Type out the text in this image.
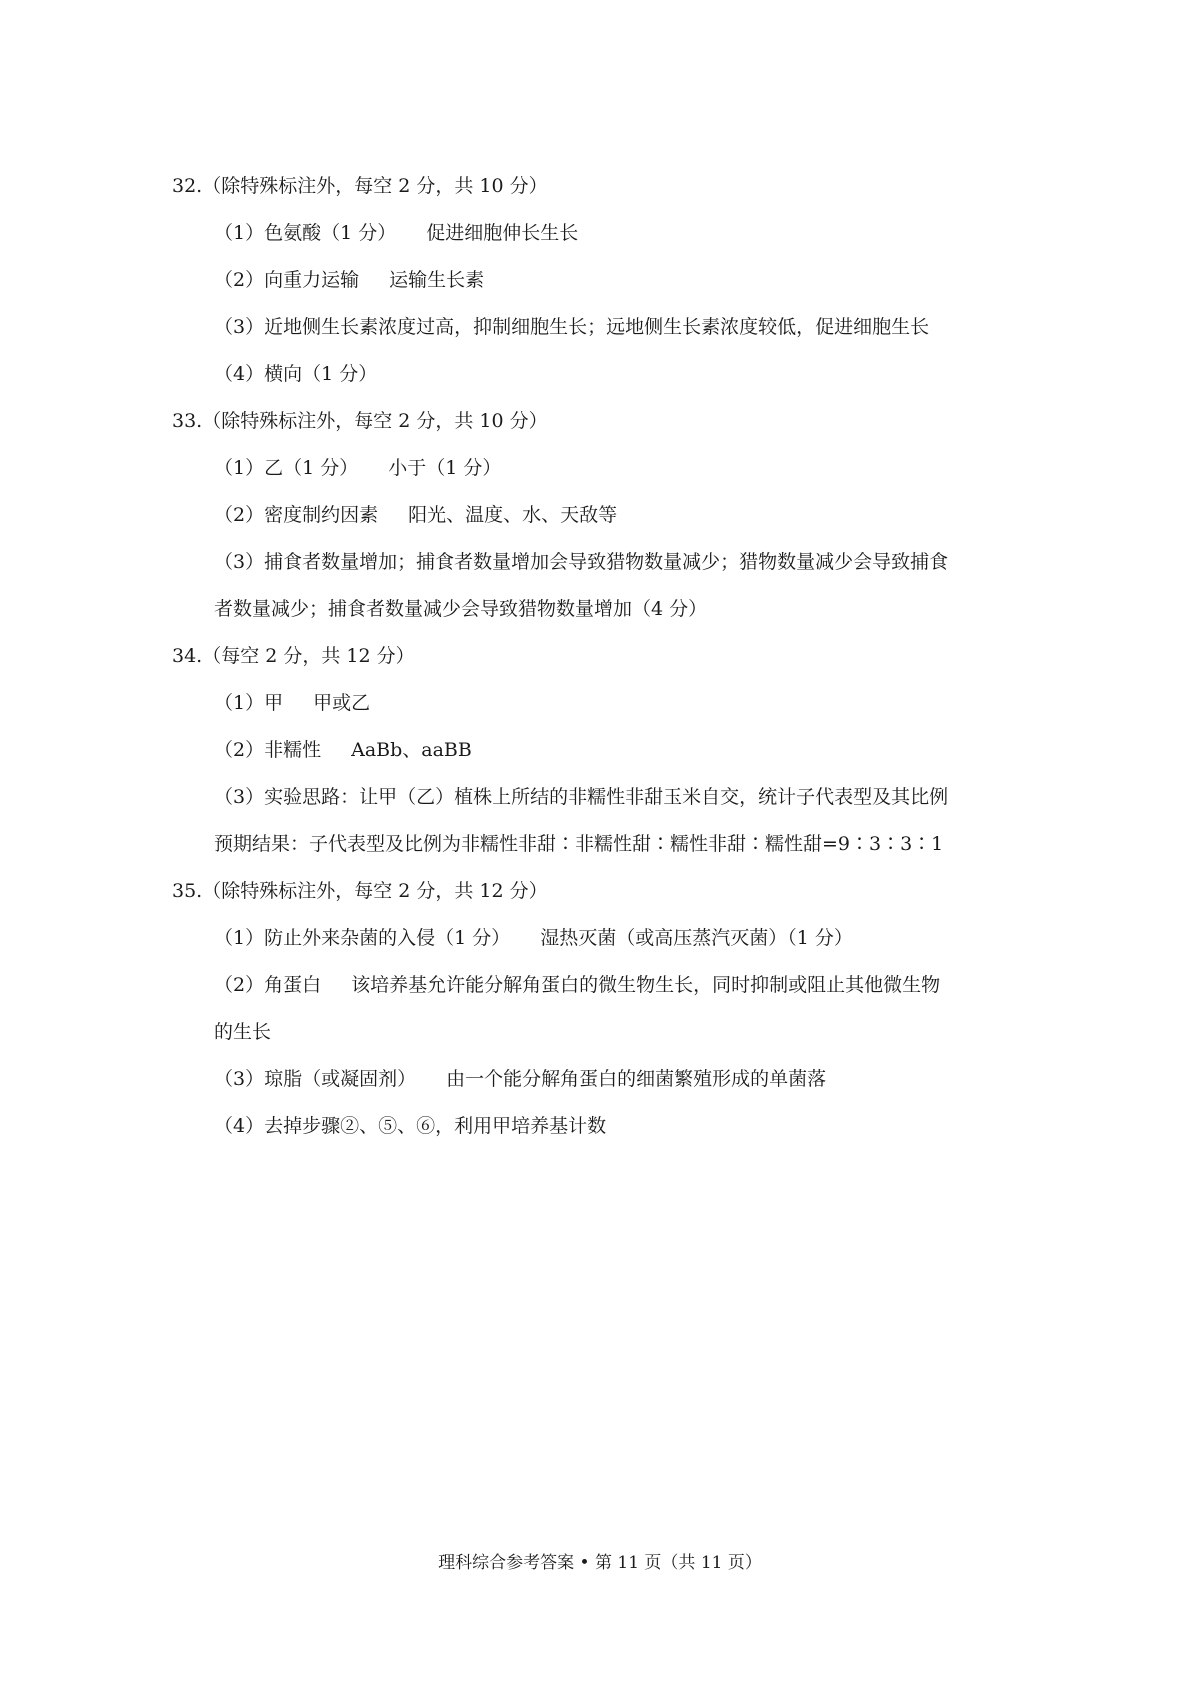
32.（除特殊标注外，每空 2 分，共 10 分）
（1）色氨酸（1 分） 促进细胞伸长生长
（2）向重力运输 运输生长素
（3）近地侧生长素浓度过高，抑制细胞生长；远地侧生长素浓度较低，促进细胞生长
（4）横向（1 分）
33.（除特殊标注外，每空 2 分，共 10 分）
（1）乙（1 分） 小于（1 分）
（2）密度制约因素 阳光、温度、水、天敌等
（3）捕食者数量增加；捕食者数量增加会导致猎物数量减少；猎物数量减少会导致捕食
者数量减少；捕食者数量减少会导致猎物数量增加（4 分）
34.（每空 2 分，共 12 分）
（1）甲 甲或乙
（2）非糯性 AaBb、aaBB
（3）实验思路：让甲（乙）植株上所结的非糯性非甜玉米自交，统计子代表型及其比例
预期结果：子代表型及比例为非糯性非甜∶非糯性甜∶糯性非甜∶糯性甜=9∶3∶3∶1
35.（除特殊标注外，每空 2 分，共 12 分）
（1）防止外来杂菌的入侵（1 分） 湿热灭菌（或高压蒸汽灭菌）（1 分）
（2）角蛋白 该培养基允许能分解角蛋白的微生物生长，同时抑制或阻止其他微生物
的生长
（3）琼脂（或凝固剂） 由一个能分解角蛋白的细菌繁殖形成的单菌落
（4）去掉步骤②、⑤、⑥，利用甲培养基计数
理科综合参考答案 • 第 11 页（共 11 页）
